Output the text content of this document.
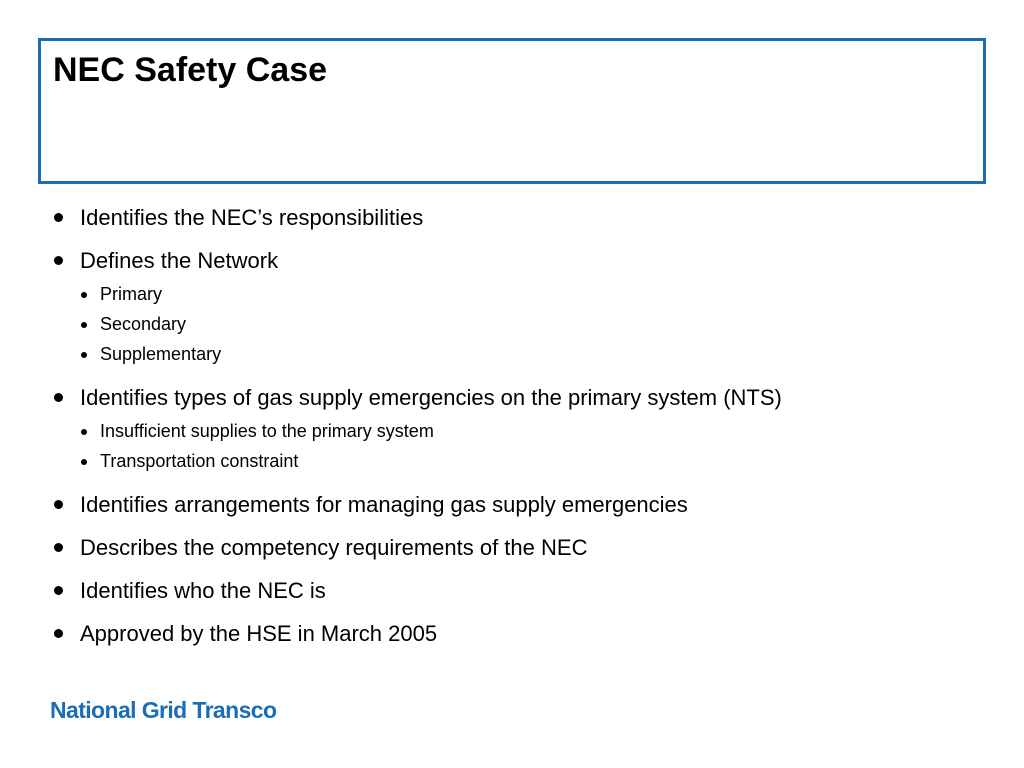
NEC Safety Case
Identifies the NEC’s responsibilities
Defines the Network
Primary
Secondary
Supplementary
Identifies types of gas supply emergencies on the primary system (NTS)
Insufficient supplies to the primary system
Transportation constraint
Identifies arrangements for managing gas supply emergencies
Describes the competency requirements of the NEC
Identifies who the NEC is
Approved by the HSE in March 2005
National Grid Transco
